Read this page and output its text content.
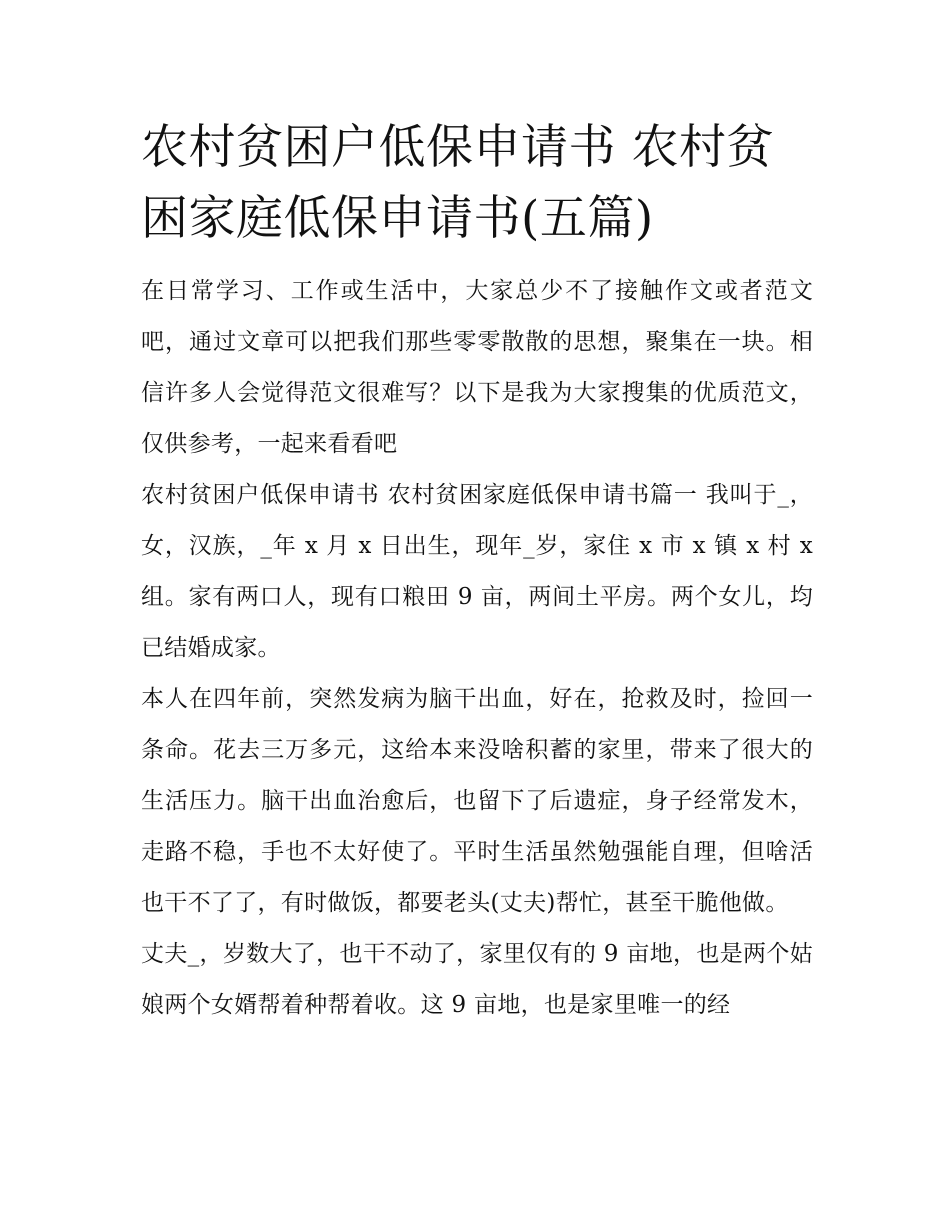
农村贫困户低保申请书 农村贫困家庭低保申请书(五篇)

在日常学习、工作或生活中，大家总少不了接触作文或者范文吧，通过文章可以把我们那些零零散散的思想，聚集在一块。相信许多人会觉得范文很难写？以下是我为大家搜集的优质范文，仅供参考，一起来看看吧

农村贫困户低保申请书 农村贫困家庭低保申请书篇一 我叫于_，女，汉族，_年 x 月 x 日出生，现年_岁，家住 x 市 x 镇 x 村 x 组。家有两口人，现有口粮田 9 亩，两间土平房。两个女儿，均已结婚成家。

本人在四年前，突然发病为脑干出血，好在，抢救及时，捡回一条命。花去三万多元，这给本来没啥积蓄的家里，带来了很大的生活压力。脑干出血治愈后，也留下了后遗症，身子经常发木，走路不稳，手也不太好使了。平时生活虽然勉强能自理，但啥活也干不了了，有时做饭，都要老头(丈夫)帮忙，甚至干脆他做。

丈夫_，岁数大了，也干不动了，家里仅有的 9 亩地，也是两个姑娘两个女婿帮着种帮着收。这 9 亩地，也是家里唯一的经
